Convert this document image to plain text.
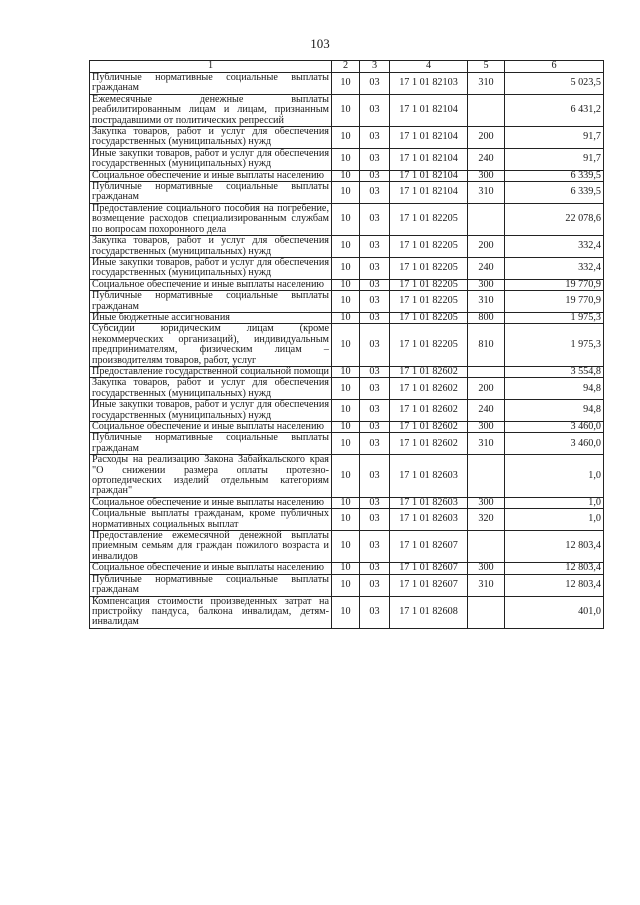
103
1	2	3	4	5	6
Публичные нормативные социальные выплаты гражданам	10	03	17 1 01 82103	310	5 023,5
Ежемесячные денежные выплаты реабилитированным лицам и лицам, признанным пострадавшими от политических репрессий	10	03	17 1 01 82104		6 431,2
Закупка товаров, работ и услуг для обеспечения государственных (муниципальных) нужд	10	03	17 1 01 82104	200	91,7
Иные закупки товаров, работ и услуг для обеспечения государственных (муниципальных) нужд	10	03	17 1 01 82104	240	91,7
Социальное обеспечение и иные выплаты населению	10	03	17 1 01 82104	300	6 339,5
Публичные нормативные социальные выплаты гражданам	10	03	17 1 01 82104	310	6 339,5
Предоставление социального пособия на погребение, возмещение расходов специализированным службам по вопросам похоронного дела	10	03	17 1 01 82205		22 078,6
Закупка товаров, работ и услуг для обеспечения государственных (муниципальных) нужд	10	03	17 1 01 82205	200	332,4
Иные закупки товаров, работ и услуг для обеспечения государственных (муниципальных) нужд	10	03	17 1 01 82205	240	332,4
Социальное обеспечение и иные выплаты населению	10	03	17 1 01 82205	300	19 770,9
Публичные нормативные социальные выплаты гражданам	10	03	17 1 01 82205	310	19 770,9
Иные бюджетные ассигнования	10	03	17 1 01 82205	800	1 975,3
Субсидии юридическим лицам (кроме некоммерческих организаций), индивидуальным предпринимателям, физическим лицам – производителям товаров, работ, услуг	10	03	17 1 01 82205	810	1 975,3
Предоставление государственной социальной помощи	10	03	17 1 01 82602		3 554,8
Закупка товаров, работ и услуг для обеспечения государственных (муниципальных) нужд	10	03	17 1 01 82602	200	94,8
Иные закупки товаров, работ и услуг для обеспечения государственных (муниципальных) нужд	10	03	17 1 01 82602	240	94,8
Социальное обеспечение и иные выплаты населению	10	03	17 1 01 82602	300	3 460,0
Публичные нормативные социальные выплаты гражданам	10	03	17 1 01 82602	310	3 460,0
Расходы на реализацию Закона Забайкальского края "О снижении размера оплаты протезно-ортопедических изделий отдельным категориям граждан"	10	03	17 1 01 82603		1,0
Социальное обеспечение и иные выплаты населению	10	03	17 1 01 82603	300	1,0
Социальные выплаты гражданам, кроме публичных нормативных социальных выплат	10	03	17 1 01 82603	320	1,0
Предоставление ежемесячной денежной выплаты приемным семьям для граждан пожилого возраста и инвалидов	10	03	17 1 01 82607		12 803,4
Социальное обеспечение и иные выплаты населению	10	03	17 1 01 82607	300	12 803,4
Публичные нормативные социальные выплаты гражданам	10	03	17 1 01 82607	310	12 803,4
Компенсация стоимости произведенных затрат на пристройку пандуса, балкона инвалидам, детям-инвалидам	10	03	17 1 01 82608		401,0
